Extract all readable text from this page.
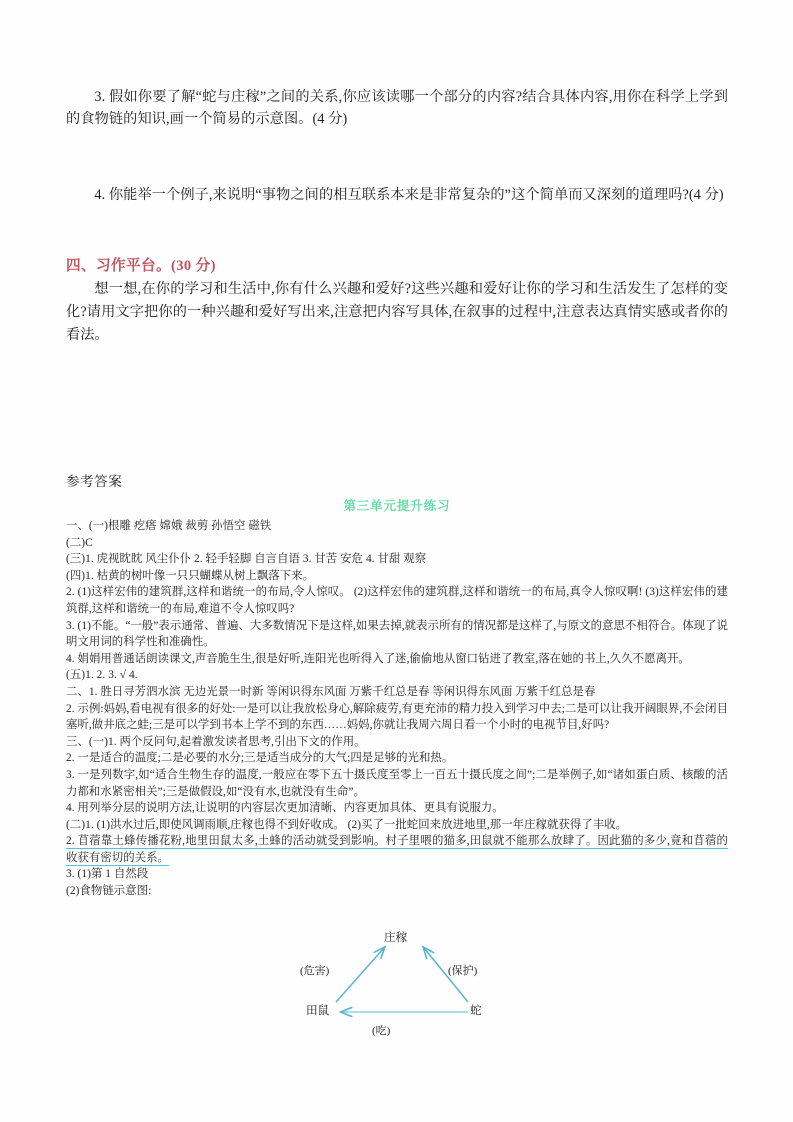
3. 假如你要了解“蛇与庄稼”之间的关系,你应该读哪一个部分的内容?结合具体内容,用你在科学上学到的食物链的知识,画一个简易的示意图。(4 分)

4. 你能举一个例子,来说明“事物之间的相互联系本来是非常复杂的”这个简单而又深刻的道理吗?(4 分)

四、习作平台。(30 分)

想一想,在你的学习和生活中,你有什么兴趣和爱好?这些兴趣和爱好让你的学习和生活发生了怎样的变化?请用文字把你的一种兴趣和爱好写出来,注意把内容写具体,在叙事的过程中,注意表达真情实感或者你的看法。

参考答案

第三单元提升练习

一、(一)根雕 疙瘩 嫦娥 裁剪 孙悟空 磁铁

(二)C

(三)1. 虎视眈眈 风尘仆仆 2. 轻手轻脚 自言自语 3. 甘苦 安危 4. 甘甜 观察

(四)1. 枯黄的树叶像一只只蝴蝶从树上飘落下来。

2. (1)这样宏伟的建筑群,这样和谐统一的布局,令人惊叹。 (2)这样宏伟的建筑群,这样和谐统一的布局,真令人惊叹啊! (3)这样宏伟的建筑群,这样和谐统一的布局,难道不令人惊叹吗?

3. (1)不能。“一般”表示通常、普遍、大多数情况下是这样,如果去掉,就表示所有的情况都是这样了,与原文的意思不相符合。体现了说明文用词的科学性和准确性。

4. 娟娟用普通话朗读课文,声音脆生生,很是好听,连阳光也听得入了迷,偷偷地从窗口钻进了教室,落在她的书上,久久不愿离开。

(五)1. 2. 3. √ 4.

二、1. 胜日寻芳泗水滨 无边光景一时新 等闲识得东风面 万紫千红总是春 等闲识得东风面 万紫千红总是春

2. 示例:妈妈,看电视有很多的好处:一是可以让我放松身心,解除疲劳,有更充沛的精力投入到学习中去;二是可以让我开阔眼界,不会闭目塞听,做井底之蛙;三是可以学到书本上学不到的东西……妈妈,你就让我周六周日看一个小时的电视节目,好吗?

三、(一)1. 两个反问句,起着激发读者思考,引出下文的作用。

2. 一是适合的温度;二是必要的水分;三是适当成分的大气;四是足够的光和热。

3. 一是列数字,如“适合生物生存的温度,一般应在零下五十摄氏度至零上一百五十摄氏度之间”;二是举例子,如“诸如蛋白质、核酸的活力都和水紧密相关”;三是做假设,如“没有水,也就没有生命”。

4. 用列举分层的说明方法,让说明的内容层次更加清晰、内容更加具体、更具有说服力。

(二)1. (1)洪水过后,即使风调雨顺,庄稼也得不到好收成。 (2)买了一批蛇回来放进地里,那一年庄稼就获得了丰收。

2. 苜蓿靠土蜂传播花粉,地里田鼠太多,土蜂的活动就受到影响。村子里喂的猫多,田鼠就不能那么放肆了。因此猫的多少,竟和苜蓿的收获有密切的关系。

3. (1)第 1 自然段

(2)食物链示意图:

庄稼
田鼠	蛇
(危害)	(保护)
(吃)
